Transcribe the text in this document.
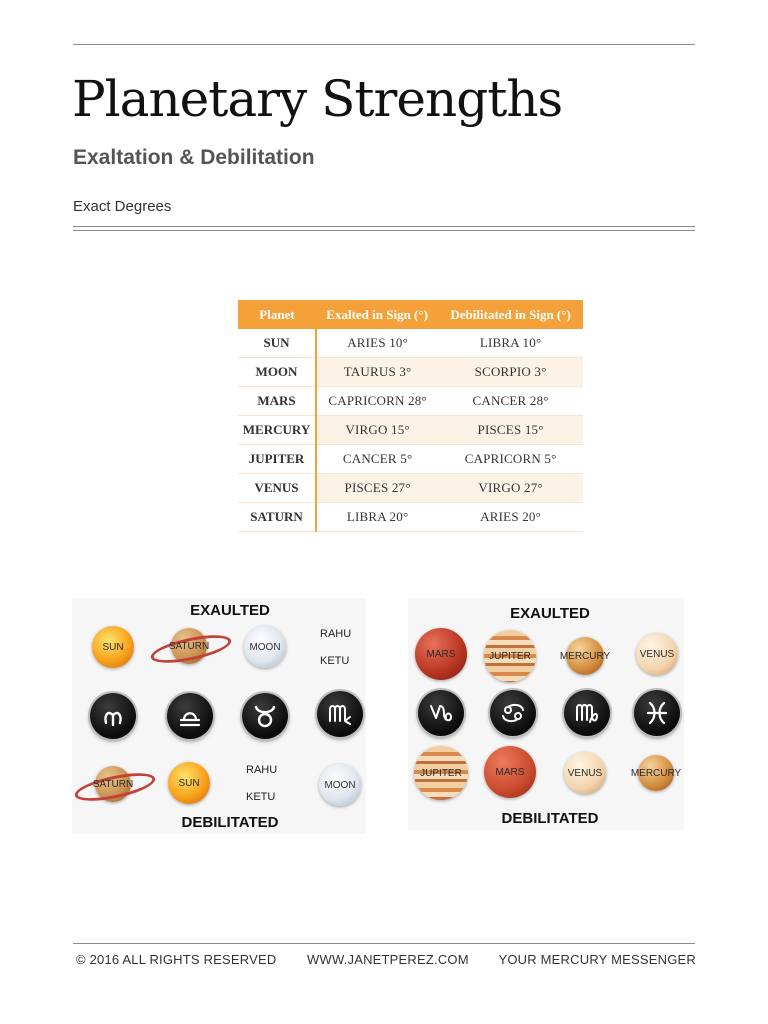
Planetary Strengths
Exaltation & Debilitation
Exact Degrees
Planet	Exalted in Sign (°)	Debilitated in Sign (°)
SUN	ARIES 10°	LIBRA 10°
MOON	TAURUS 3°	SCORPIO 3°
MARS	CAPRICORN 28°	CANCER 28°
MERCURY	VIRGO 15°	PISCES 15°
JUPITER	CANCER 5°	CAPRICORN 5°
VENUS	PISCES 27°	VIRGO 27°
SATURN	LIBRA 20°	ARIES 20°
EXAULTED
SUN	SATURN	MOON
RAHU
KETU
SATURN	SUN
RAHU
KETU
MOON
DEBILITATED
EXAULTED
MARS	JUPITER	MERCURY	VENUS
JUPITER	MARS	VENUS	MERCURY
DEBILITATED
© 2016 ALL RIGHTS RESERVED WWW.JANETPEREZ.COM YOUR MERCURY MESSENGER
